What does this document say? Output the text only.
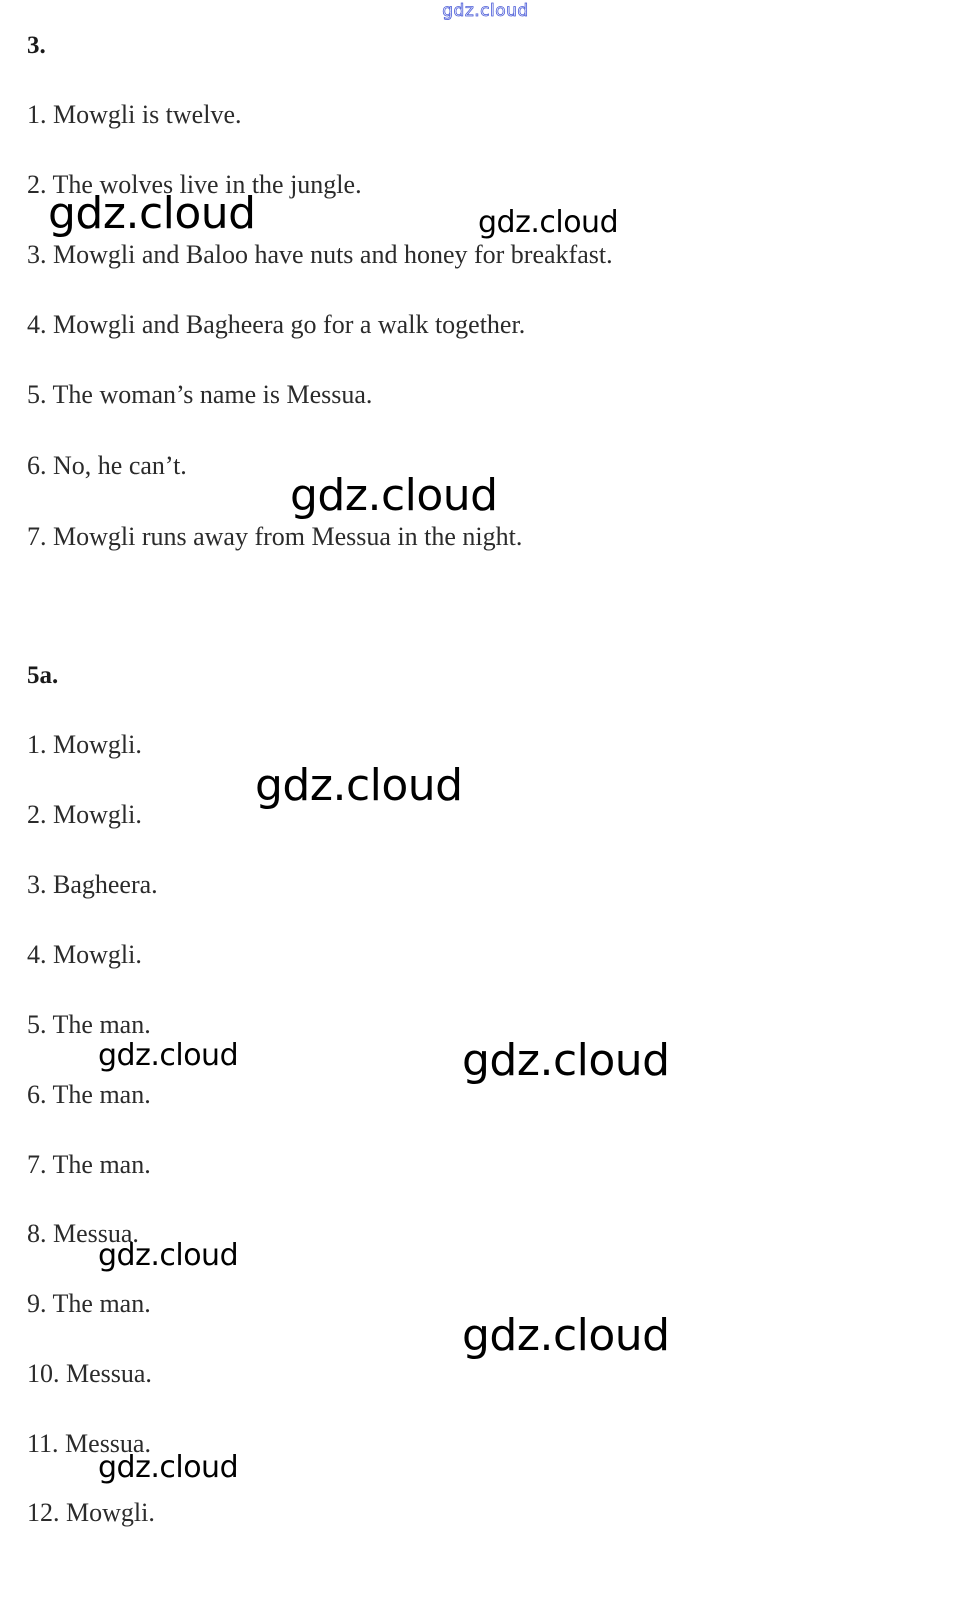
gdz.cloud
3.
1. Mowgli is twelve.
2. The wolves live in the jungle.
3. Mowgli and Baloo have nuts and honey for breakfast.
4. Mowgli and Bagheera go for a walk together.
5. The woman’s name is Messua.
6. No, he can’t.
7. Mowgli runs away from Messua in the night.
5a.
1. Mowgli.
2. Mowgli.
3. Bagheera.
4. Mowgli.
5. The man.
6. The man.
7. The man.
8. Messua.
9. The man.
10. Messua.
11. Messua.
12. Mowgli.
gdz.cloud	gdz.cloud
gdz.cloud
gdz.cloud
gdz.cloud	gdz.cloud
gdz.cloud
gdz.cloud
gdz.cloud
